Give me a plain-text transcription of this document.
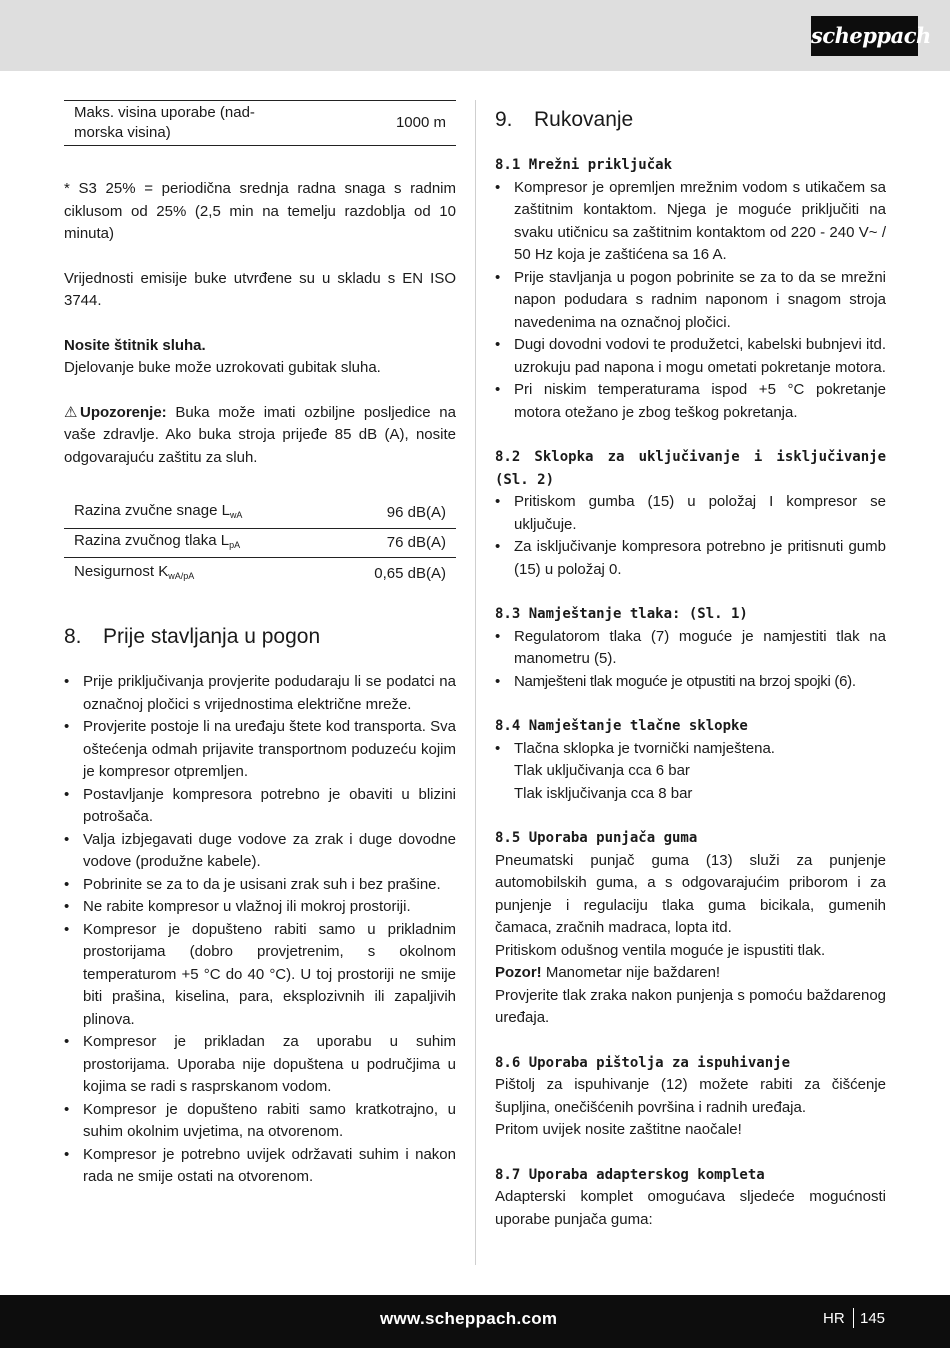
scheppach
Maks. visina uporabe (nad-
morska visina)	1000 m

* S3 25% = periodična srednja radna snaga s radnim ciklusom od 25% (2,5 min na temelju razdoblja od 10 minuta)

Vrijednosti emisije buke utvrđene su u skladu s EN ISO 3744.

Nosite štitnik sluha.

Djelovanje buke može uzrokovati gubitak sluha.

⚠ Upozorenje: Buka može imati ozbiljne posljedice na vaše zdravlje. Ako buka stroja prijeđe 85 dB (A), nosite odgovarajuću zaštitu za sluh.

Razina zvučne snage $L_{wA}$	96 dB(A)
Razina zvučnog tlaka $L_{pA}$	76 dB(A)
Nesigurnost $K_{wA/pA}$	0,65 dB(A)
8. Prije stavljanja u pogon
• Prije priključivanja provjerite podudaraju li se podatci na označnoj pločici s vrijednostima električne mreže.
• Provjerite postoje li na uređaju štete kod transporta. Sva oštećenja odmah prijavite transportnom poduzeću kojim je kompresor otpremljen.
• Postavljanje kompresora potrebno je obaviti u blizini potrošača.
• Valja izbjegavati duge vodove za zrak i duge dovodne vodove (produžne kabele).
• Pobrinite se za to da je usisani zrak suh i bez prašine.
• Ne rabite kompresor u vlažnoj ili mokroj prostoriji.
• Kompresor je dopušteno rabiti samo u prikladnim prostorijama (dobro provjetrenim, s okolnom temperaturom +5 °C do 40 °C). U toj prostoriji ne smije biti prašina, kiselina, para, eksplozivnih ili zapaljivih plinova.
• Kompresor je prikladan za uporabu u suhim prostorijama. Uporaba nije dopuštena u područjima u kojima se radi s rasprskanom vodom.
• Kompresor je dopušteno rabiti samo kratkotrajno, u suhim okolnim uvjetima, na otvorenom.
• Kompresor je potrebno uvijek održavati suhim i nakon rada ne smije ostati na otvorenom.
9. Rukovanje

8.1 Mrežni priključak

• Kompresor je opremljen mrežnim vodom s utikačem sa zaštitnim kontaktom. Njega je moguće priključiti na svaku utičnicu sa zaštitnim kontaktom od 220 - 240 V~ / 50 Hz koja je zaštićena sa 16 A.
• Prije stavljanja u pogon pobrinite se za to da se mrežni napon podudara s radnim naponom i snagom stroja navedenima na označnoj pločici.
• Dugi dovodni vodovi te produžetci, kabelski bubnjevi itd. uzrokuju pad napona i mogu ometati pokretanje motora.
• Pri niskim temperaturama ispod +5 °C pokretanje motora otežano je zbog teškog pokretanja.

8.2 Sklopka za uključivanje i isključivanje (Sl. 2)

• Pritiskom gumba (15) u položaj I kompresor se uključuje.
• Za isključivanje kompresora potrebno je pritisnuti gumb (15) u položaj 0.

8.3 Namještanje tlaka: (Sl. 1)

• Regulatorom tlaka (7) moguće je namjestiti tlak na manometru (5).
• Namješteni tlak moguće je otpustiti na brzoj spojki (6).

8.4 Namještanje tlačne sklopke

• Tlačna sklopka je tvornički namještena.

Tlak uključivanja cca 6 bar

Tlak isključivanja cca 8 bar

8.5 Uporaba punjača guma

Pneumatski punjač guma (13) služi za punjenje automobilskih guma, a s odgovarajućim priborom i za punjenje i regulaciju tlaka guma bicikala, gumenih čamaca, zračnih madraca, lopta itd.

Pritiskom odušnog ventila moguće je ispustiti tlak.

Pozor! Manometar nije baždaren!

Provjerite tlak zraka nakon punjenja s pomoću baždarenog uređaja.

8.6 Uporaba pištolja za ispuhivanje

Pištolj za ispuhivanje (12) možete rabiti za čišćenje šupljina, onečišćenih površina i radnih uređaja.

Pritom uvijek nosite zaštitne naočale!

8.7 Uporaba adapterskog kompleta

Adapterski komplet omogućava sljedeće mogućnosti uporabe punjača guma:

www.scheppach.com	HR 145
